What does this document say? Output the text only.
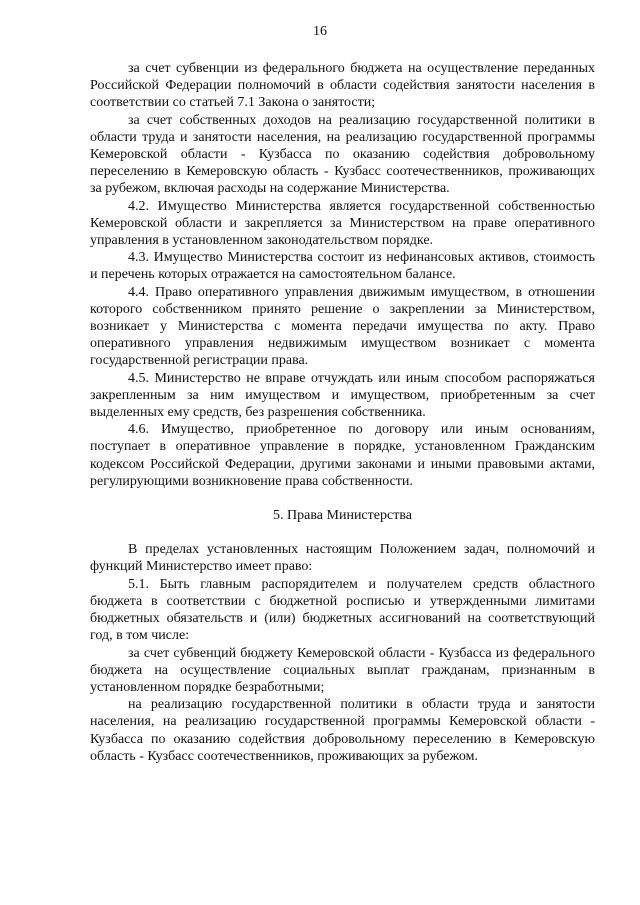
16

за счет субвенции из федерального бюджета на осуществление переданных Российской Федерации полномочий в области содействия занятости населения в соответствии со статьей 7.1 Закона о занятости;

за счет собственных доходов на реализацию государственной политики в области труда и занятости населения, на реализацию государственной программы Кемеровской области - Кузбасса по оказанию содействия добровольному переселению в Кемеровскую область - Кузбасс соотечественников, проживающих за рубежом, включая расходы на содержание Министерства.

4.2. Имущество Министерства является государственной собственностью Кемеровской области и закрепляется за Министерством на праве оперативного управления в установленном законодательством порядке.

4.3. Имущество Министерства состоит из нефинансовых активов, стоимость и перечень которых отражается на самостоятельном балансе.

4.4. Право оперативного управления движимым имуществом, в отношении которого собственником принято решение о закреплении за Министерством, возникает у Министерства с момента передачи имущества по акту. Право оперативного управления недвижимым имуществом возникает с момента государственной регистрации права.

4.5. Министерство не вправе отчуждать или иным способом распоряжаться закрепленным за ним имуществом и имуществом, приобретенным за счет выделенных ему средств, без разрешения собственника.

4.6. Имущество, приобретенное по договору или иным основаниям, поступает в оперативное управление в порядке, установленном Гражданским кодексом Российской Федерации, другими законами и иными правовыми актами, регулирующими возникновение права собственности.

5. Права Министерства

В пределах установленных настоящим Положением задач, полномочий и функций Министерство имеет право:

5.1. Быть главным распорядителем и получателем средств областного бюджета в соответствии с бюджетной росписью и утвержденными лимитами бюджетных обязательств и (или) бюджетных ассигнований на соответствующий год, в том числе:

за счет субвенций бюджету Кемеровской области - Кузбасса из федерального бюджета на осуществление социальных выплат гражданам, признанным в установленном порядке безработными;

на реализацию государственной политики в области труда и занятости населения, на реализацию государственной программы Кемеровской области - Кузбасса по оказанию содействия добровольному переселению в Кемеровскую область - Кузбасс соотечественников, проживающих за рубежом.
